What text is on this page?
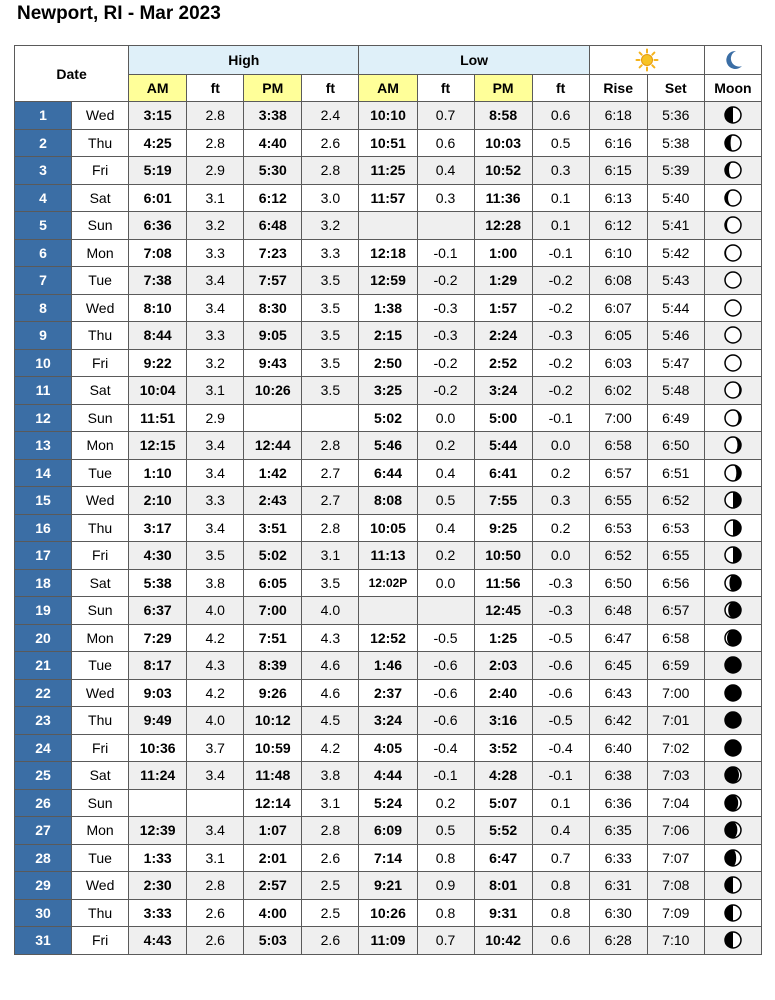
Newport, RI - Mar 2023
Date		High				Low	

		AM	ft	PM	ft	AM	ft	PM	ft	Rise	Set	Moon
1	Wed	3:15	2.8	3:38	2.4	10:10	0.7	8:58	0.6	6:18	5:36	

2	Thu	4:25	2.8	4:40	2.6	10:51	0.6	10:03	0.5	6:16	5:38	

3	Fri	5:19	2.9	5:30	2.8	11:25	0.4	10:52	0.3	6:15	5:39	

4	Sat	6:01	3.1	6:12	3.0	11:57	0.3	11:36	0.1	6:13	5:40	

5	Sun	6:36	3.2	6:48	3.2			12:28	0.1	6:12	5:41	

6	Mon	7:08	3.3	7:23	3.3	12:18	-0.1	1:00	-0.1	6:10	5:42	

7	Tue	7:38	3.4	7:57	3.5	12:59	-0.2	1:29	-0.2	6:08	5:43	

8	Wed	8:10	3.4	8:30	3.5	1:38	-0.3	1:57	-0.2	6:07	5:44	

9	Thu	8:44	3.3	9:05	3.5	2:15	-0.3	2:24	-0.3	6:05	5:46	

10	Fri	9:22	3.2	9:43	3.5	2:50	-0.2	2:52	-0.2	6:03	5:47	

11	Sat	10:04	3.1	10:26	3.5	3:25	-0.2	3:24	-0.2	6:02	5:48	

12	Sun	11:51	2.9			5:02	0.0	5:00	-0.1	7:00	6:49	

13	Mon	12:15	3.4	12:44	2.8	5:46	0.2	5:44	0.0	6:58	6:50	

14	Tue	1:10	3.4	1:42	2.7	6:44	0.4	6:41	0.2	6:57	6:51	

15	Wed	2:10	3.3	2:43	2.7	8:08	0.5	7:55	0.3	6:55	6:52	

16	Thu	3:17	3.4	3:51	2.8	10:05	0.4	9:25	0.2	6:53	6:53	

17	Fri	4:30	3.5	5:02	3.1	11:13	0.2	10:50	0.0	6:52	6:55	

18	Sat	5:38	3.8	6:05	3.5	12:02P	0.0	11:56	-0.3	6:50	6:56	

19	Sun	6:37	4.0	7:00	4.0			12:45	-0.3	6:48	6:57	

20	Mon	7:29	4.2	7:51	4.3	12:52	-0.5	1:25	-0.5	6:47	6:58	

21	Tue	8:17	4.3	8:39	4.6	1:46	-0.6	2:03	-0.6	6:45	6:59	

22	Wed	9:03	4.2	9:26	4.6	2:37	-0.6	2:40	-0.6	6:43	7:00	

23	Thu	9:49	4.0	10:12	4.5	3:24	-0.6	3:16	-0.5	6:42	7:01	

24	Fri	10:36	3.7	10:59	4.2	4:05	-0.4	3:52	-0.4	6:40	7:02	

25	Sat	11:24	3.4	11:48	3.8	4:44	-0.1	4:28	-0.1	6:38	7:03	

26	Sun			12:14	3.1	5:24	0.2	5:07	0.1	6:36	7:04	

27	Mon	12:39	3.4	1:07	2.8	6:09	0.5	5:52	0.4	6:35	7:06	

28	Tue	1:33	3.1	2:01	2.6	7:14	0.8	6:47	0.7	6:33	7:07	

29	Wed	2:30	2.8	2:57	2.5	9:21	0.9	8:01	0.8	6:31	7:08	

30	Thu	3:33	2.6	4:00	2.5	10:26	0.8	9:31	0.8	6:30	7:09	

31	Fri	4:43	2.6	5:03	2.6	11:09	0.7	10:42	0.6	6:28	7:10	
